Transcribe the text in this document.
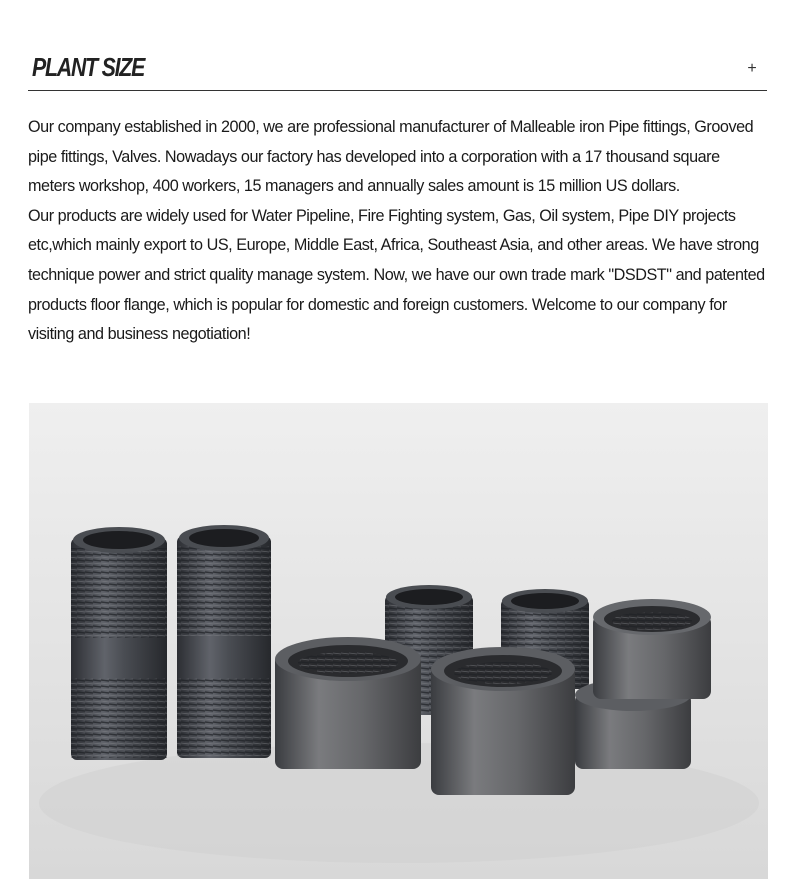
PLANT SIZE	+

Our company established in 2000, we are professional manufacturer of Malleable iron Pipe fittings, Grooved pipe fittings, Valves. Nowadays our factory has developed into a corporation with a 17 thousand square meters workshop, 400 workers, 15 managers and annually sales amount is 15 million US dollars.

Our products are widely used for Water Pipeline, Fire Fighting system, Gas, Oil system, Pipe DIY projects etc,which mainly export to US, Europe, Middle East, Africa, Southeast Asia, and other areas. We have strong technique power and strict quality manage system. Now, we have our own trade mark "DSDST" and patented products floor flange, which is popular for domestic and foreign customers. Welcome to our company for visiting and business negotiation!
